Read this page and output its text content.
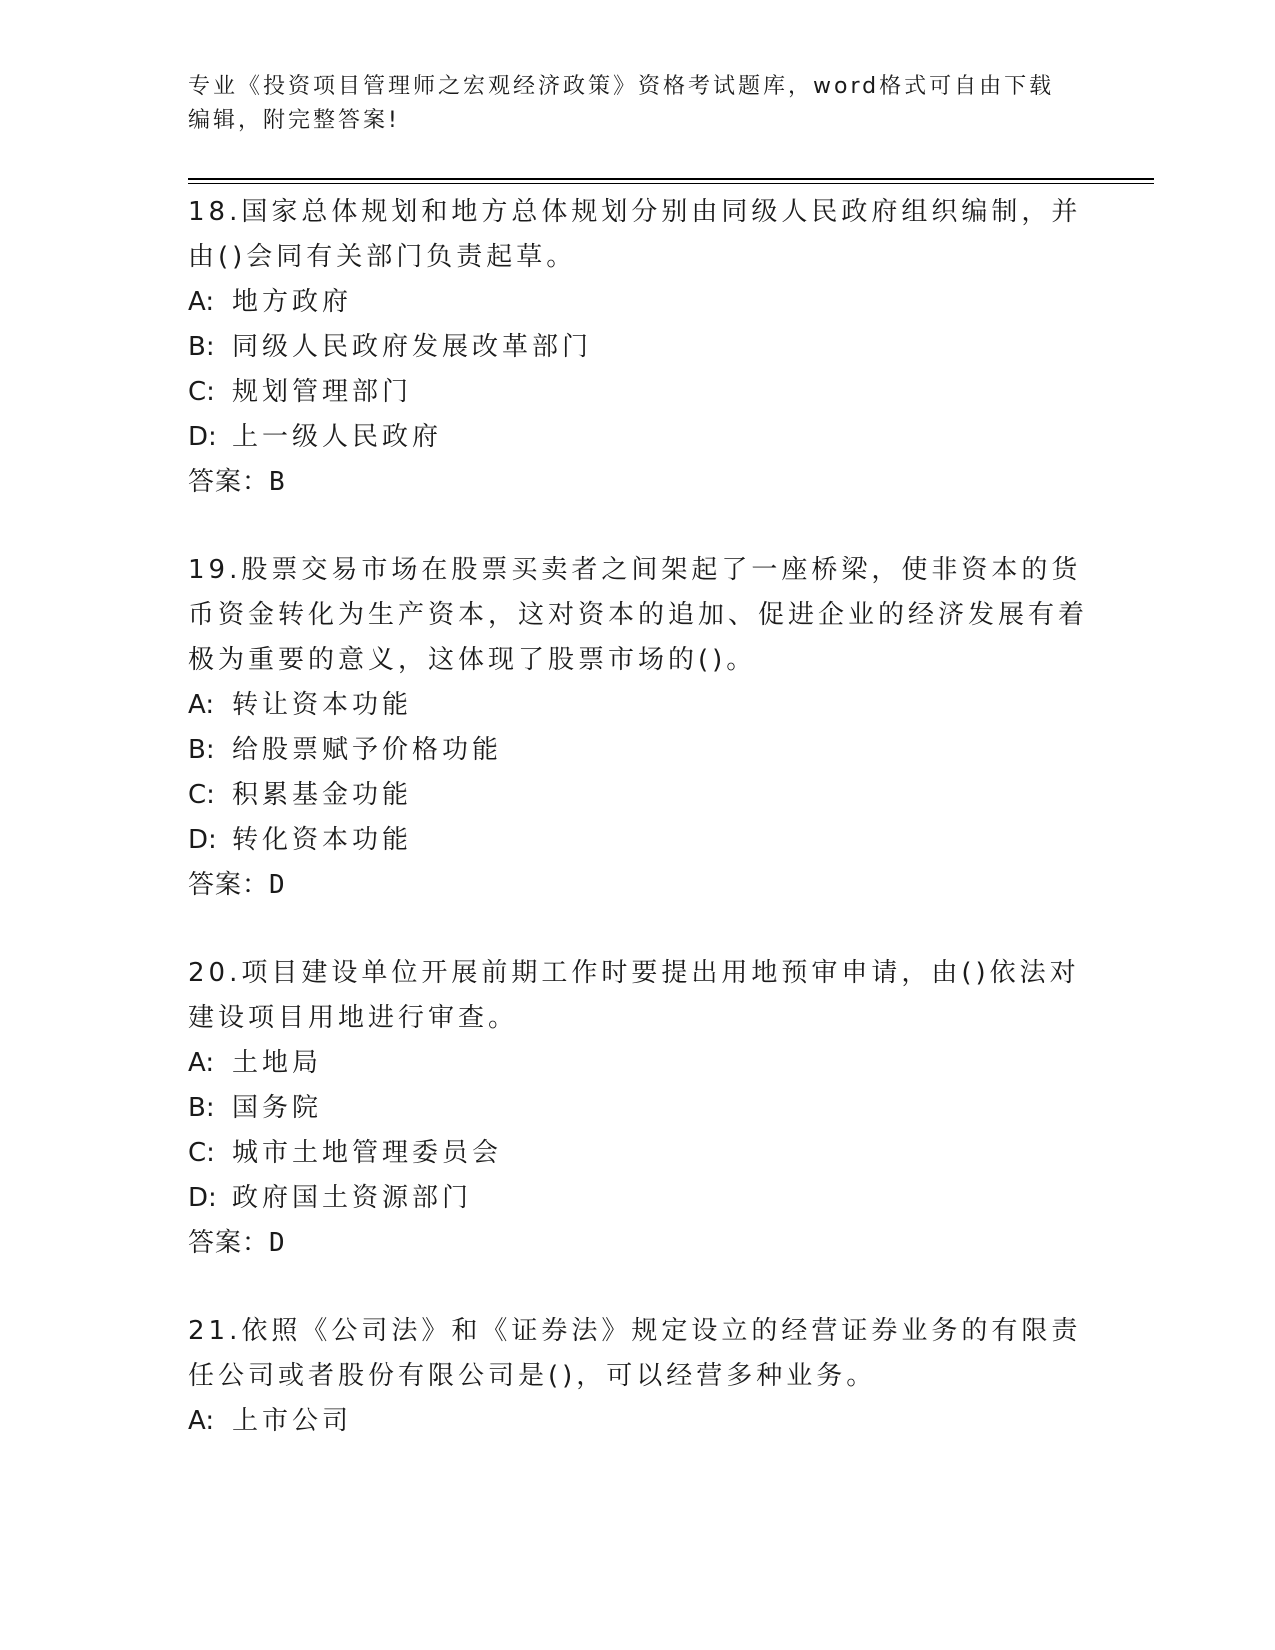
专业《投资项目管理师之宏观经济政策》资格考试题库，word格式可自由下载编辑，附完整答案!
18.国家总体规划和地方总体规划分别由同级人民政府组织编制，并由()会同有关部门负责起草。
A: 地方政府
B: 同级人民政府发展改革部门
C: 规划管理部门
D: 上一级人民政府
答案：B
19.股票交易市场在股票买卖者之间架起了一座桥梁，使非资本的货币资金转化为生产资本，这对资本的追加、促进企业的经济发展有着极为重要的意义，这体现了股票市场的()。
A: 转让资本功能
B: 给股票赋予价格功能
C: 积累基金功能
D: 转化资本功能
答案：D
20.项目建设单位开展前期工作时要提出用地预审申请，由()依法对建设项目用地进行审查。
A: 土地局
B: 国务院
C: 城市土地管理委员会
D: 政府国土资源部门
答案：D
21.依照《公司法》和《证券法》规定设立的经营证券业务的有限责任公司或者股份有限公司是()，可以经营多种业务。
A: 上市公司
